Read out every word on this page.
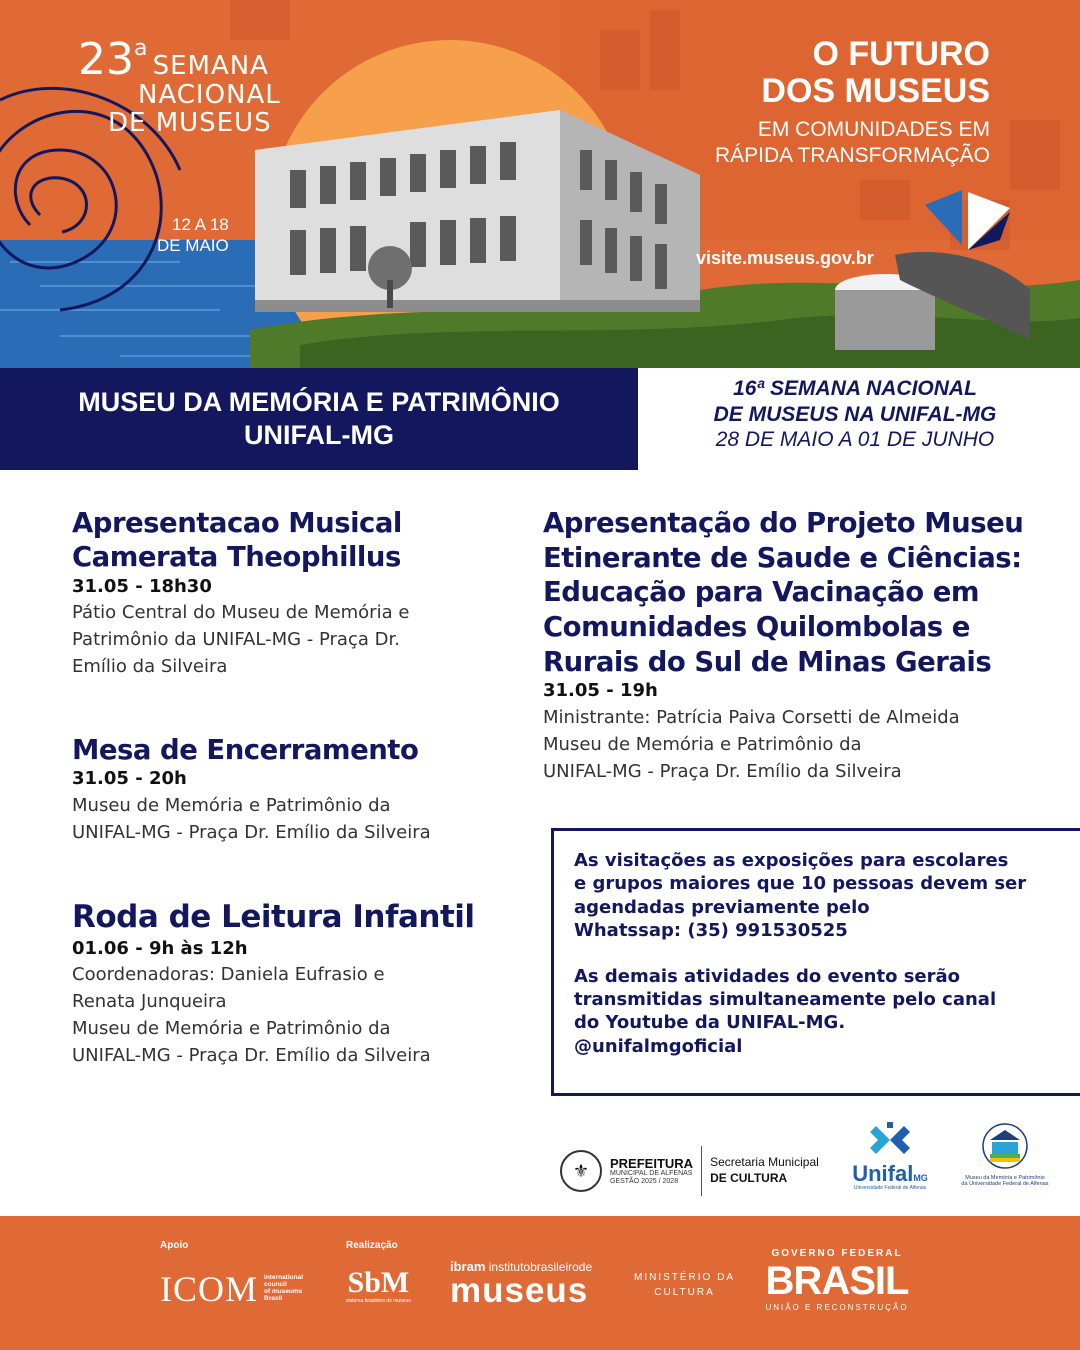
23a SEMANA
NACIONAL
DE MUSEUS
12 A 18
DE MAIO
O FUTURO
DOS MUSEUS
EM COMUNIDADES EM
RÁPIDA TRANSFORMAÇÃO
visite.museus.gov.br
MUSEU DA MEMÓRIA E PATRIMÔNIO
UNIFAL-MG
16ª SEMANA NACIONAL
DE MUSEUS NA UNIFAL-MG
28 DE MAIO A 01 DE JUNHO
Apresentacao Musical
Camerata Theophillus
31.05 - 18h30
Pátio Central do Museu de Memória e
Patrimônio da UNIFAL-MG - Praça Dr.
Emílio da Silveira
Mesa de Encerramento
31.05 - 20h
Museu de Memória e Patrimônio da
UNIFAL-MG - Praça Dr. Emílio da Silveira
Roda de Leitura Infantil
01.06 - 9h às 12h
Coordenadoras: Daniela Eufrasio e
Renata Junqueira
Museu de Memória e Patrimônio da
UNIFAL-MG - Praça Dr. Emílio da Silveira
Apresentação do Projeto Museu
Etinerante de Saude e Ciências:
Educação para Vacinação em
Comunidades Quilombolas e
Rurais do Sul de Minas Gerais
31.05 - 19h
Ministrante: Patrícia Paiva Corsetti de Almeida
Museu de Memória e Patrimônio da
UNIFAL-MG - Praça Dr. Emílio da Silveira
As visitações as exposições para escolares
e grupos maiores que 10 pessoas devem ser
agendadas previamente pelo
Whatssap: (35) 991530525
As demais atividades do evento serão
transmitidas simultaneamente pelo canal
do Youtube da UNIFAL-MG.
@unifalmgoficial
⚜	PREFEITURA
MUNICIPAL DE ALFENAS
GESTÃO 2025 / 2028
Secretaria Municipal
DE CULTURA	UnifalMG
Universidade Federal de Alfenas
Museu da Memória e Patrimônio
da Universidade Federal de Alfenas
Apoio	Realização
ICOM international
council
of museums
Brasil	SbM
sistema brasileiro de museus
ibram institutobrasileirode
museus	MINISTÉRIO DA
CULTURA
GOVERNO FEDERAL
BRASIL
UNIÃO E RECONSTRUÇÃO
